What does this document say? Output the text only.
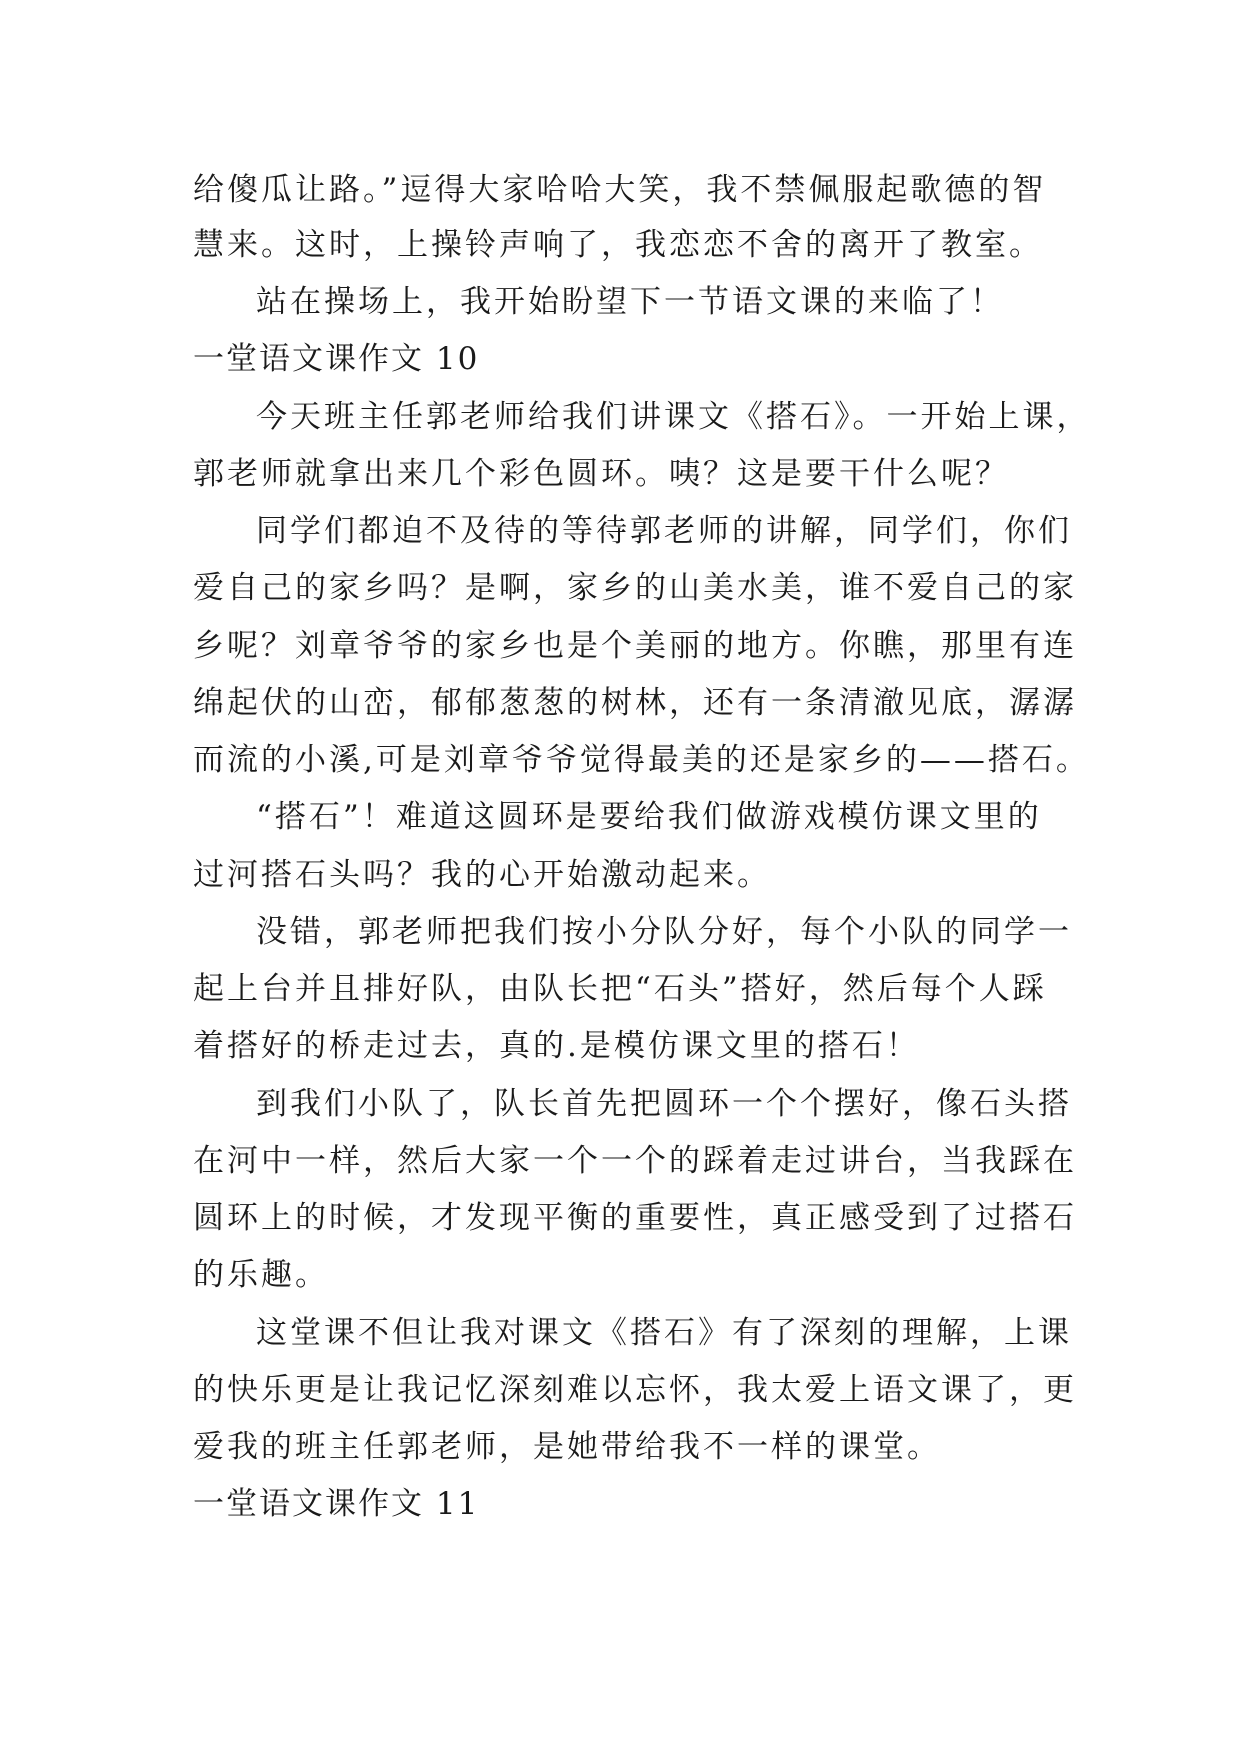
给傻瓜让路。”逗得大家哈哈大笑，我不禁佩服起歌德的智
慧来。这时，上操铃声响了，我恋恋不舍的离开了教室。
站在操场上，我开始盼望下一节语文课的来临了！
一堂语文课作文 10
今天班主任郭老师给我们讲课文《搭石》。一开始上课，
郭老师就拿出来几个彩色圆环。咦？这是要干什么呢？
同学们都迫不及待的等待郭老师的讲解，同学们，你们
爱自己的家乡吗？是啊，家乡的山美水美，谁不爱自己的家
乡呢？刘章爷爷的家乡也是个美丽的地方。你瞧，那里有连
绵起伏的山峦，郁郁葱葱的树林，还有一条清澈见底，潺潺
而流的小溪,可是刘章爷爷觉得最美的还是家乡的——搭石。
“搭石”！难道这圆环是要给我们做游戏模仿课文里的
过河搭石头吗？我的心开始激动起来。
没错，郭老师把我们按小分队分好，每个小队的同学一
起上台并且排好队，由队长把“石头”搭好，然后每个人踩
着搭好的桥走过去，真的.是模仿课文里的搭石！
到我们小队了，队长首先把圆环一个个摆好，像石头搭
在河中一样，然后大家一个一个的踩着走过讲台，当我踩在
圆环上的时候，才发现平衡的重要性，真正感受到了过搭石
的乐趣。
这堂课不但让我对课文《搭石》有了深刻的理解，上课
的快乐更是让我记忆深刻难以忘怀，我太爱上语文课了，更
爱我的班主任郭老师，是她带给我不一样的课堂。
一堂语文课作文 11
